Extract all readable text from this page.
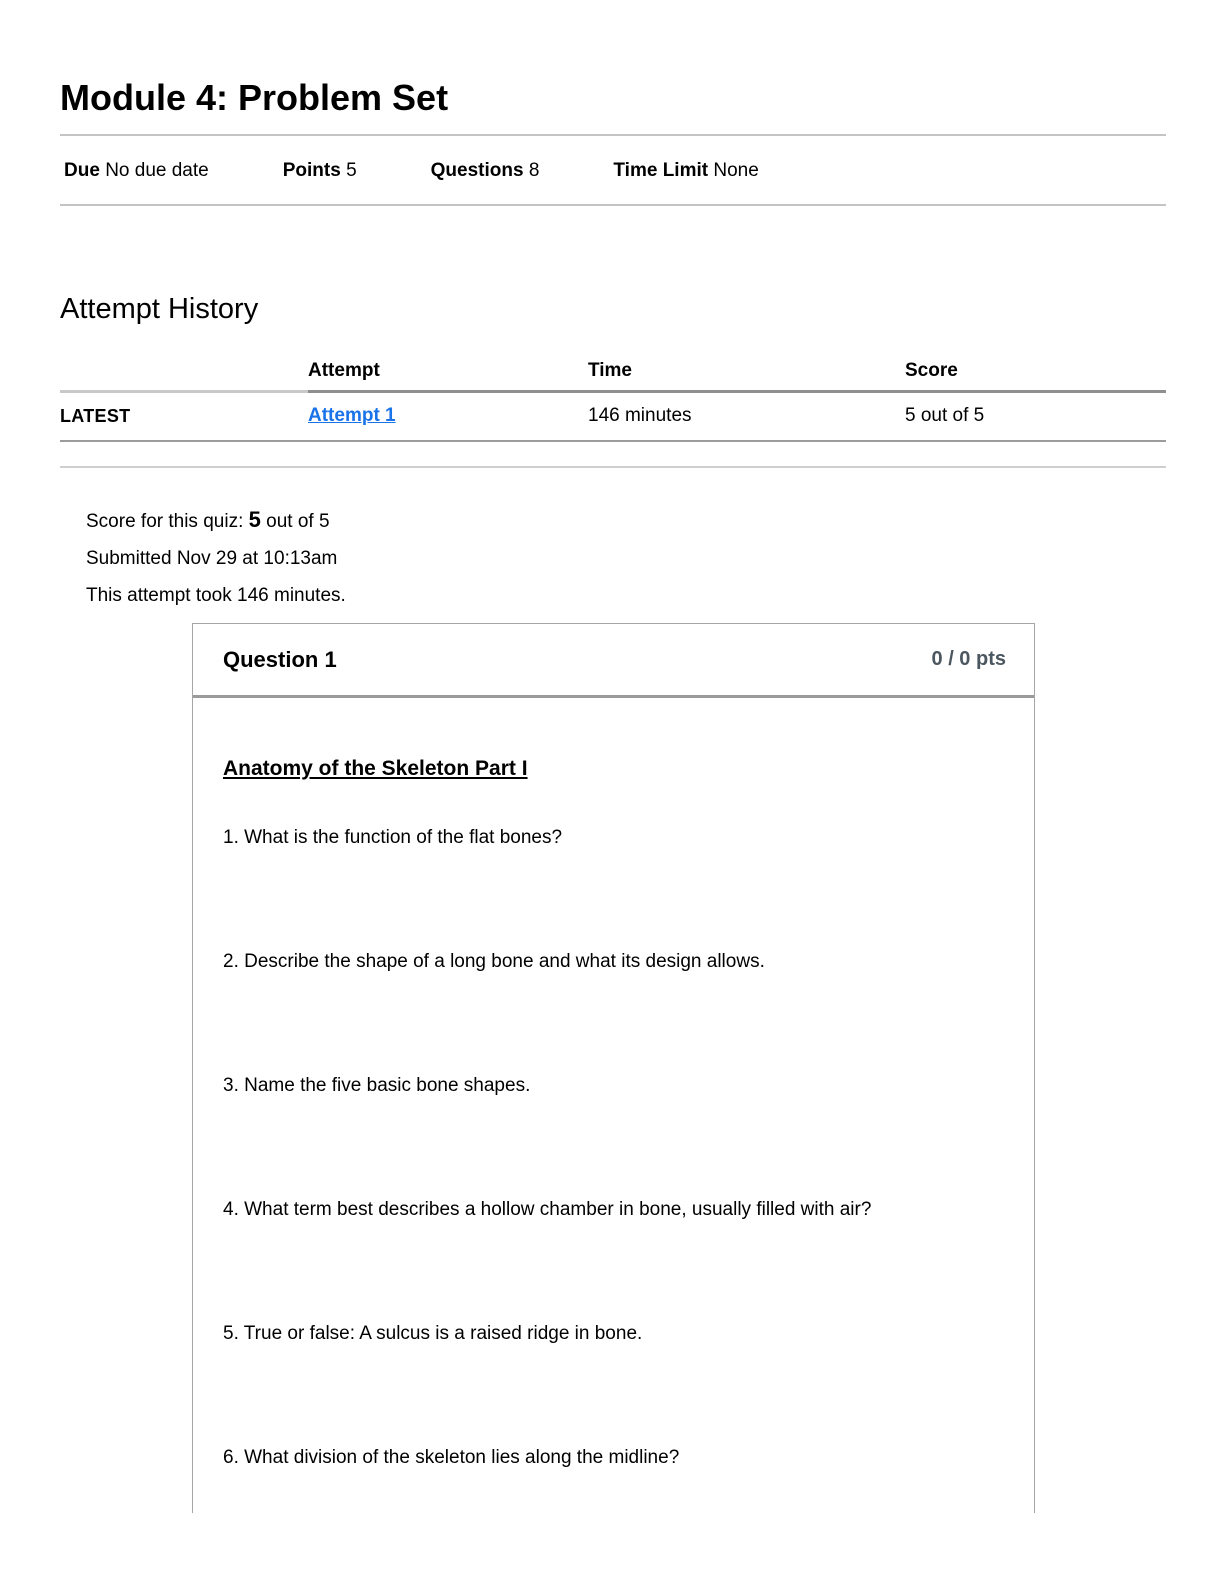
Module 4: Problem Set
Due No due date	Points 5	Questions 8	Time Limit None
Attempt History
	Attempt	Time	Score
LATEST	Attempt 1	146 minutes	5 out of 5

Score for this quiz: 5 out of 5

Submitted Nov 29 at 10:13am

This attempt took 146 minutes.

Question 1	0 / 0 pts

Anatomy of the Skeleton Part I

1. What is the function of the flat bones?

2. Describe the shape of a long bone and what its design allows.

3. Name the five basic bone shapes.

4. What term best describes a hollow chamber in bone, usually filled with air?

5. True or false: A sulcus is a raised ridge in bone.

6. What division of the skeleton lies along the midline?
